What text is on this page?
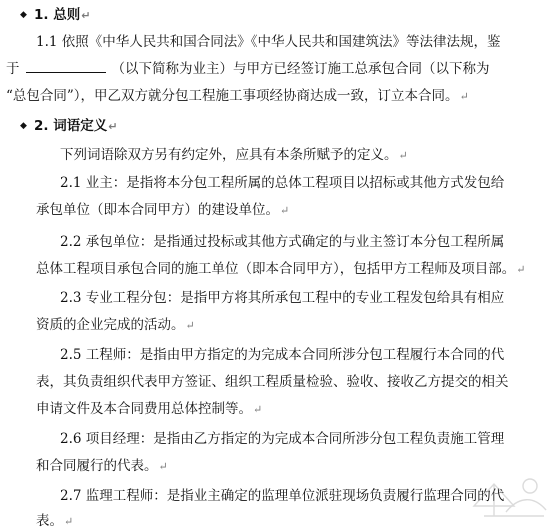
◆ 1. 总则↵
1.1 依照《中华人民共和国合同法》《中华人民共和国建筑法》等法律法规，鉴
于	（以下简称为业主）与甲方已经签订施工总承包合同（以下称为
“总包合同”），甲乙双方就分包工程施工事项经协商达成一致，订立本合同。↵
◆ 2. 词语定义↵
下列词语除双方另有约定外，应具有本条所赋予的定义。↵
2.1 业主：是指将本分包工程所属的总体工程项目以招标或其他方式发包给
承包单位（即本合同甲方）的建设单位。↵
2.2 承包单位：是指通过投标或其他方式确定的与业主签订本分包工程所属
总体工程项目承包合同的施工单位（即本合同甲方），包括甲方工程师及项目部。↵
2.3 专业工程分包：是指甲方将其所承包工程中的专业工程发包给具有相应
资质的企业完成的活动。↵
2.5 工程师：是指由甲方指定的为完成本合同所涉分包工程履行本合同的代
表，其负责组织代表甲方签证、组织工程质量检验、验收、接收乙方提交的相关
申请文件及本合同费用总体控制等。↵
2.6 项目经理：是指由乙方指定的为完成本合同所涉分包工程负责施工管理
和合同履行的代表。↵
2.7 监理工程师：是指业主确定的监理单位派驻现场负责履行监理合同的代
表。↵
